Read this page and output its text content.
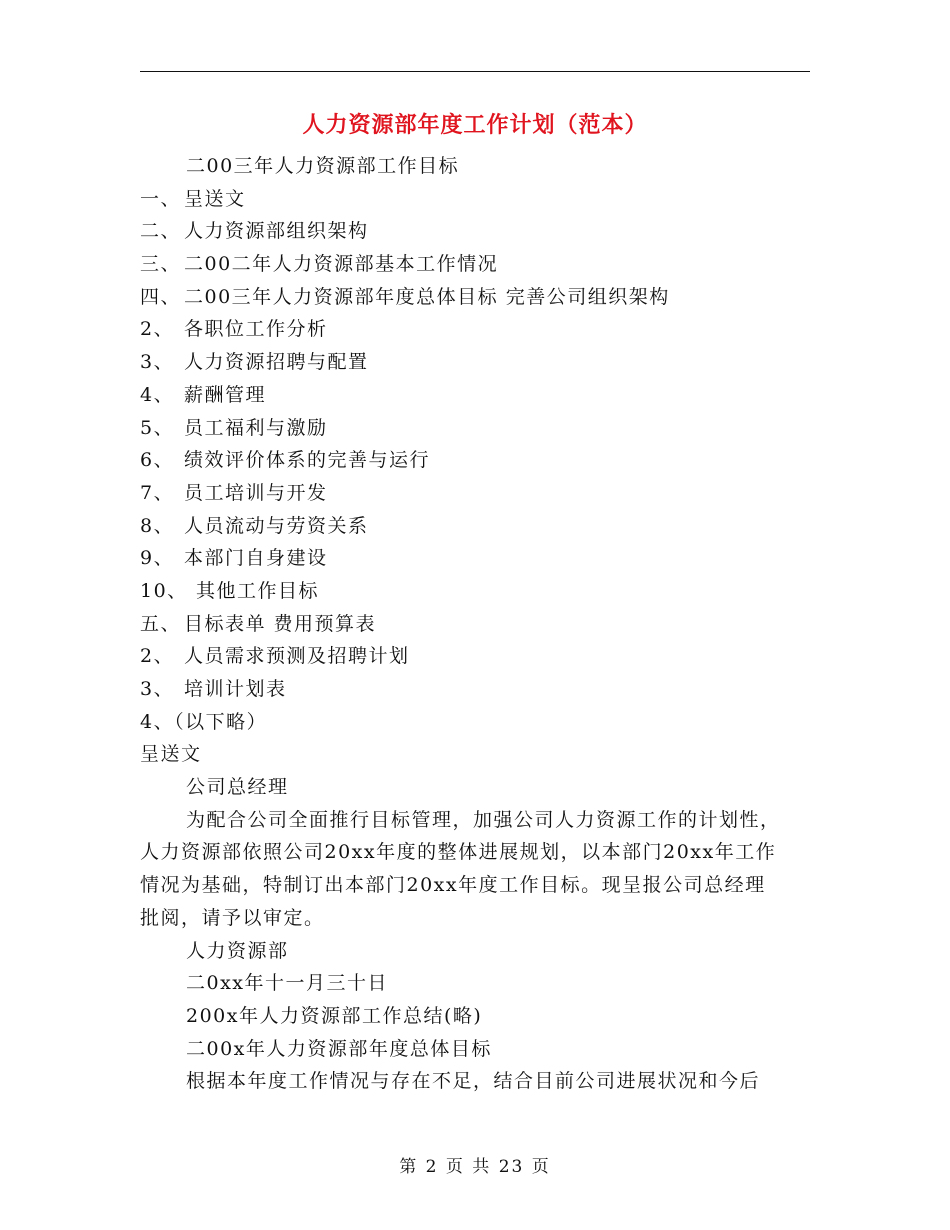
人力资源部年度工作计划（范本）
二00三年人力资源部工作目标
一、 呈送文
二、 人力资源部组织架构
三、 二00二年人力资源部基本工作情况
四、 二00三年人力资源部年度总体目标 完善公司组织架构
2、 各职位工作分析
3、 人力资源招聘与配置
4、 薪酬管理
5、 员工福利与激励
6、 绩效评价体系的完善与运行
7、 员工培训与开发
8、 人员流动与劳资关系
9、 本部门自身建设
10、 其他工作目标
五、 目标表单 费用预算表
2、 人员需求预测及招聘计划
3、 培训计划表
4、（以下略）
呈送文
公司总经理
为配合公司全面推行目标管理，加强公司人力资源工作的计划性，
人力资源部依照公司20xx年度的整体进展规划，以本部门20xx年工作
情况为基础，特制订出本部门20xx年度工作目标。现呈报公司总经理
批阅，请予以审定。
人力资源部
二0xx年十一月三十日
200x年人力资源部工作总结(略)
二00x年人力资源部年度总体目标
根据本年度工作情况与存在不足，结合目前公司进展状况和今后
第 2 页 共 23 页
